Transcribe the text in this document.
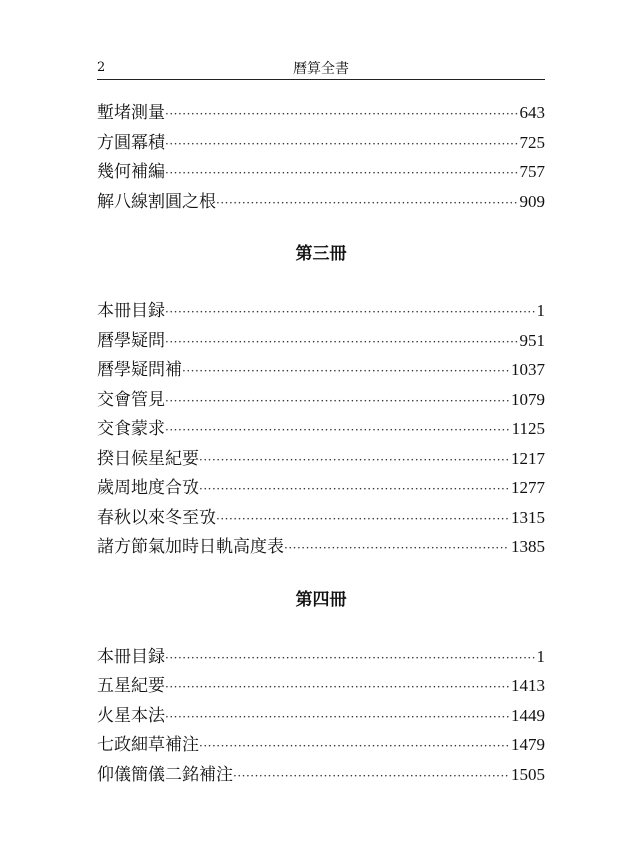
2	曆算全書
塹堵測量 ·····	643
方圓冪積 ·····	725
幾何補編 ·····	757
解八線割圓之根 ·····	909
第三冊
本冊目録 ·····	1
曆學疑問 ·····	951
曆學疑問補 ·····	1037
交會管見 ·····	1079
交食蒙求 ·····	1125
揆日候星紀要 ·····	1217
歲周地度合攷 ·····	1277
春秋以來冬至攷 ·····	1315
諸方節氣加時日軌高度表 ·····	1385
第四冊
本冊目録 ·····	1
五星紀要 ·····	1413
火星本法 ·····	1449
七政細草補注 ·····	1479
仰儀簡儀二銘補注 ·····	1505
